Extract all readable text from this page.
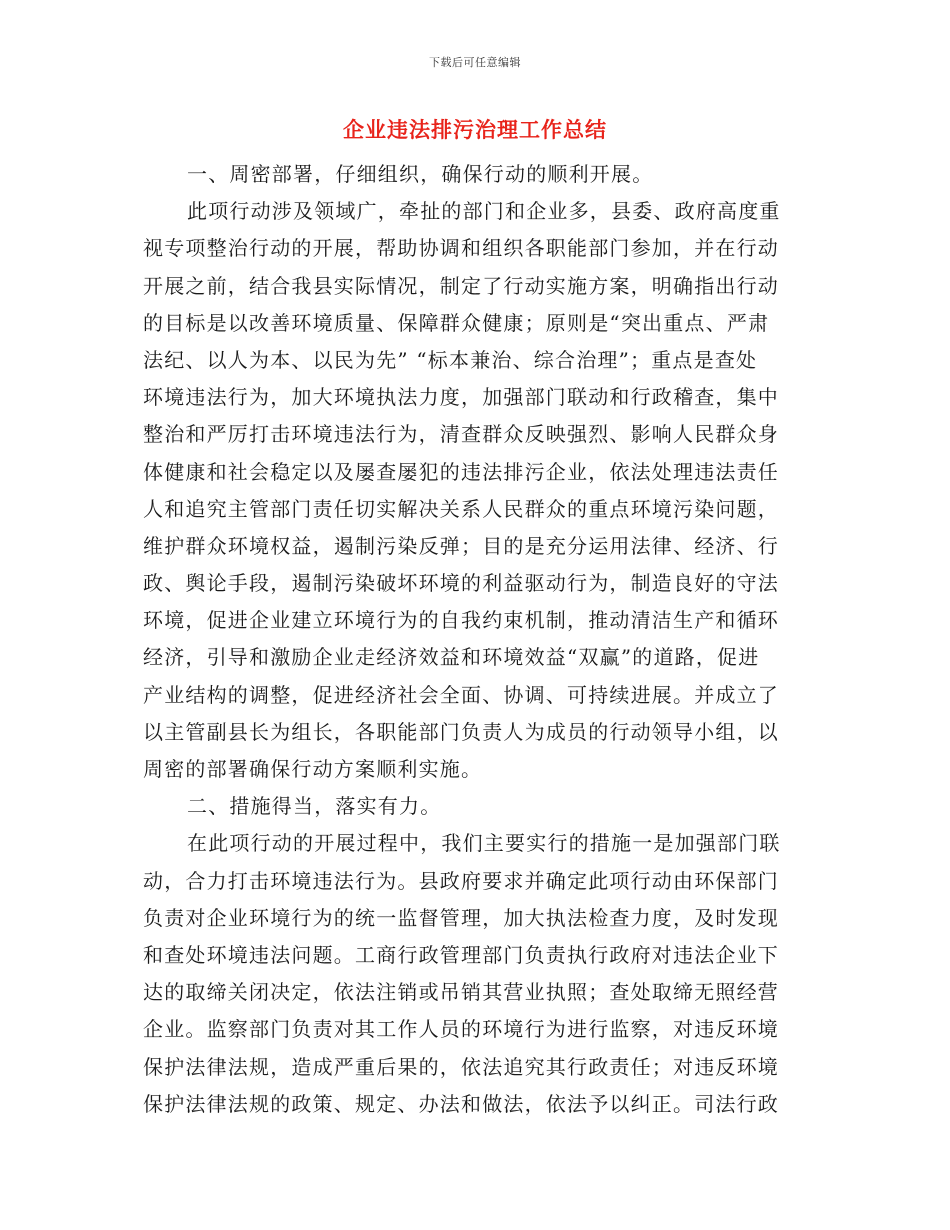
下载后可任意编辑
企业违法排污治理工作总结
一、周密部署，仔细组织，确保行动的顺利开展。
此项行动涉及领域广，牵扯的部门和企业多，县委、政府高度重
视专项整治行动的开展，帮助协调和组织各职能部门参加，并在行动
开展之前，结合我县实际情况，制定了行动实施方案，明确指出行动
的目标是以改善环境质量、保障群众健康；原则是“突出重点、严肃
法纪、以人为本、以民为先” “标本兼治、综合治理”；重点是查处
环境违法行为，加大环境执法力度，加强部门联动和行政稽查，集中
整治和严厉打击环境违法行为，清查群众反映强烈、影响人民群众身
体健康和社会稳定以及屡查屡犯的违法排污企业，依法处理违法责任
人和追究主管部门责任切实解决关系人民群众的重点环境污染问题，
维护群众环境权益，遏制污染反弹；目的是充分运用法律、经济、行
政、舆论手段，遏制污染破坏环境的利益驱动行为，制造良好的守法
环境，促进企业建立环境行为的自我约束机制，推动清洁生产和循环
经济，引导和激励企业走经济效益和环境效益“双赢”的道路，促进
产业结构的调整，促进经济社会全面、协调、可持续进展。并成立了
以主管副县长为组长，各职能部门负责人为成员的行动领导小组，以
周密的部署确保行动方案顺利实施。
二、措施得当，落实有力。
在此项行动的开展过程中，我们主要实行的措施一是加强部门联
动，合力打击环境违法行为。县政府要求并确定此项行动由环保部门
负责对企业环境行为的统一监督管理，加大执法检查力度，及时发现
和查处环境违法问题。工商行政管理部门负责执行政府对违法企业下
达的取缔关闭决定，依法注销或吊销其营业执照；查处取缔无照经营
企业。监察部门负责对其工作人员的环境行为进行监察，对违反环境
保护法律法规，造成严重后果的，依法追究其行政责任；对违反环境
保护法律法规的政策、规定、办法和做法，依法予以纠正。司法行政
